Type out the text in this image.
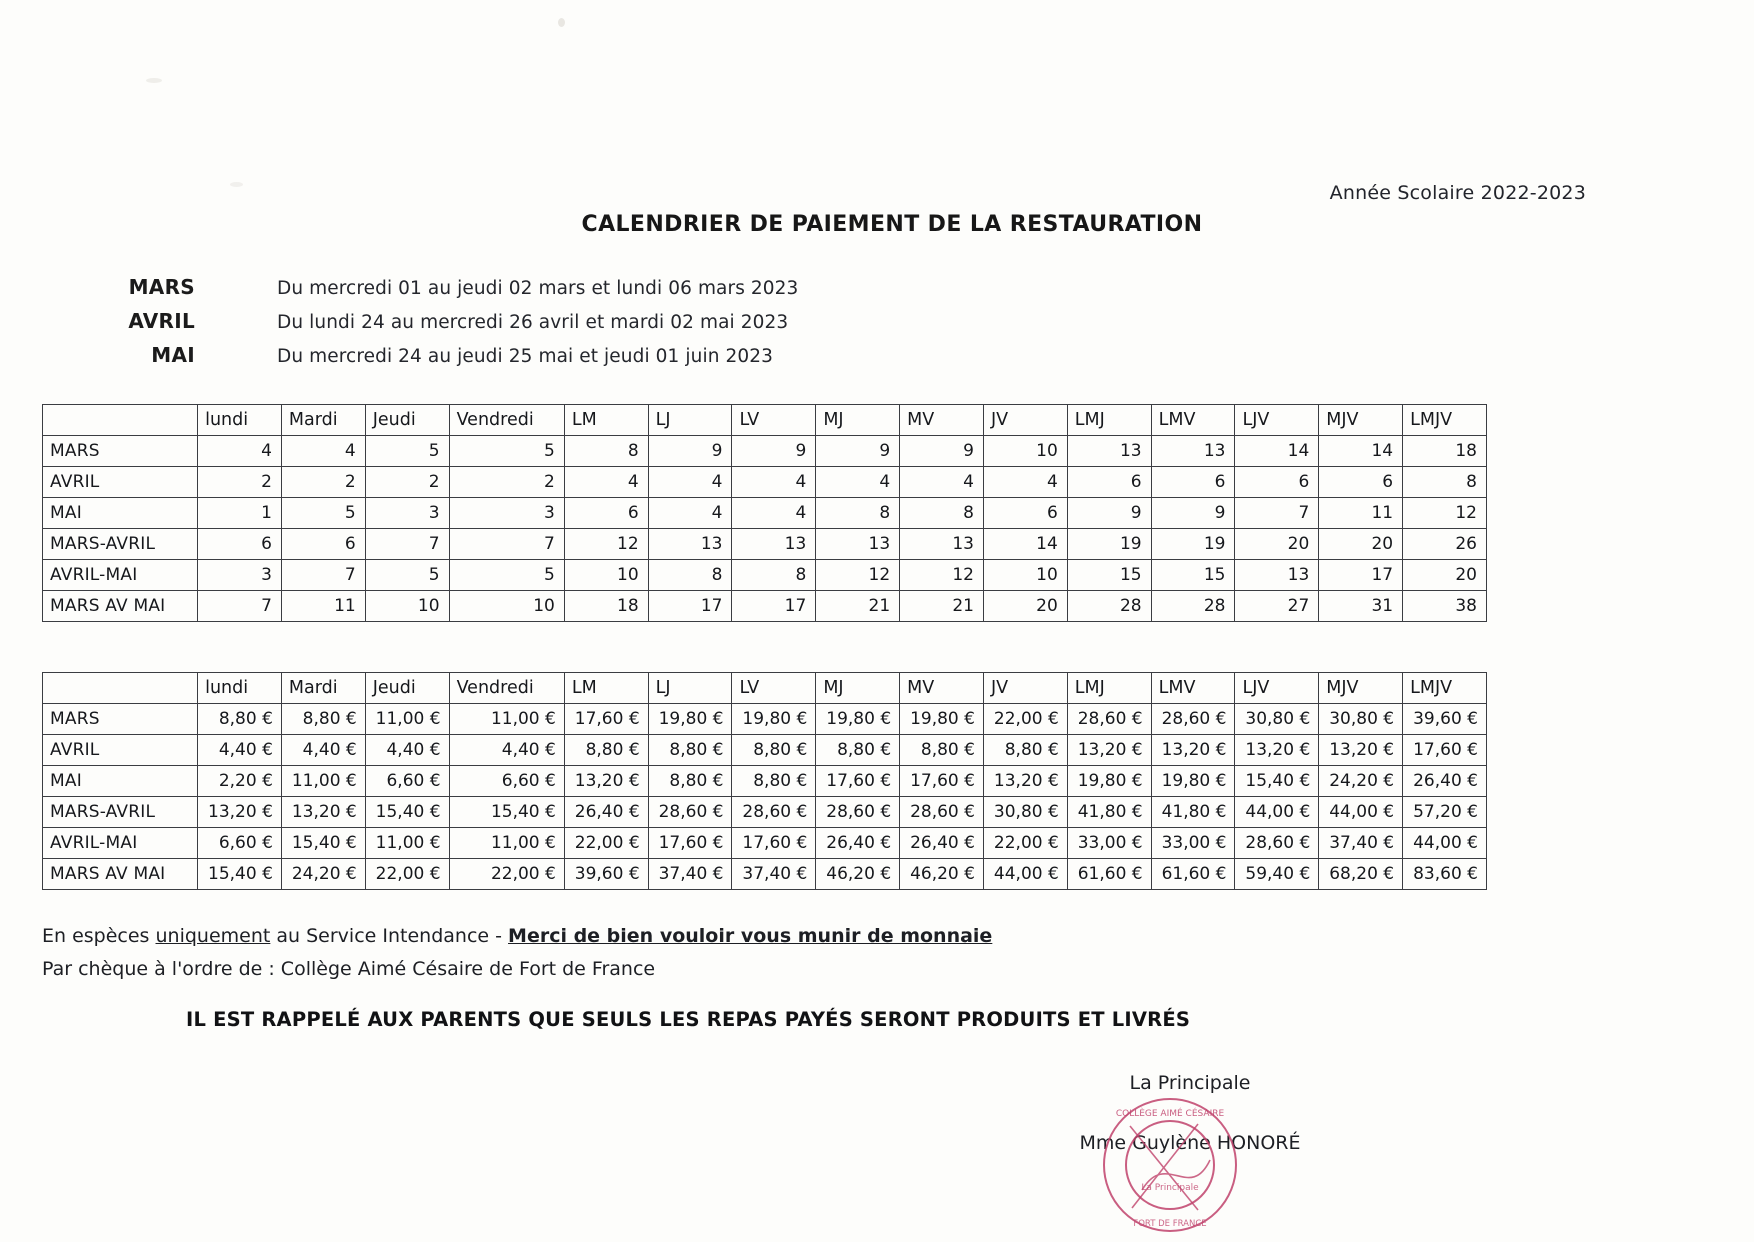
Année Scolaire 2022-2023
CALENDRIER DE PAIEMENT DE LA RESTAURATION
MARS	Du mercredi 01 au jeudi 02 mars et lundi 06 mars 2023
AVRIL	Du lundi 24 au mercredi 26 avril et mardi 02 mai 2023
MAI	Du mercredi 24 au jeudi 25 mai et jeudi 01 juin 2023
	lundi	Mardi	Jeudi	Vendredi	LM	LJ	LV	MJ	MV	JV	LMJ	LMV	LJV	MJV	LMJV
MARS	4	4	5	5	8	9	9	9	9	10	13	13	14	14	18
AVRIL	2	2	2	2	4	4	4	4	4	4	6	6	6	6	8
MAI	1	5	3	3	6	4	4	8	8	6	9	9	7	11	12
MARS-AVRIL	6	6	7	7	12	13	13	13	13	14	19	19	20	20	26
AVRIL-MAI	3	7	5	5	10	8	8	12	12	10	15	15	13	17	20
MARS AV MAI	7	11	10	10	18	17	17	21	21	20	28	28	27	31	38
	lundi	Mardi	Jeudi	Vendredi	LM	LJ	LV	MJ	MV	JV	LMJ	LMV	LJV	MJV	LMJV
MARS	8,80 €	8,80 €	11,00 €	11,00 €	17,60 €	19,80 €	19,80 €	19,80 €	19,80 €	22,00 €	28,60 €	28,60 €	30,80 €	30,80 €	39,60 €
AVRIL	4,40 €	4,40 €	4,40 €	4,40 €	8,80 €	8,80 €	8,80 €	8,80 €	8,80 €	8,80 €	13,20 €	13,20 €	13,20 €	13,20 €	17,60 €
MAI	2,20 €	11,00 €	6,60 €	6,60 €	13,20 €	8,80 €	8,80 €	17,60 €	17,60 €	13,20 €	19,80 €	19,80 €	15,40 €	24,20 €	26,40 €
MARS-AVRIL	13,20 €	13,20 €	15,40 €	15,40 €	26,40 €	28,60 €	28,60 €	28,60 €	28,60 €	30,80 €	41,80 €	41,80 €	44,00 €	44,00 €	57,20 €
AVRIL-MAI	6,60 €	15,40 €	11,00 €	11,00 €	22,00 €	17,60 €	17,60 €	26,40 €	26,40 €	22,00 €	33,00 €	33,00 €	28,60 €	37,40 €	44,00 €
MARS AV MAI	15,40 €	24,20 €	22,00 €	22,00 €	39,60 €	37,40 €	37,40 €	46,20 €	46,20 €	44,00 €	61,60 €	61,60 €	59,40 €	68,20 €	83,60 €
En espèces uniquement au Service Intendance - Merci de bien vouloir vous munir de monnaie
Par chèque à l'ordre de : Collège Aimé Césaire de Fort de France
IL EST RAPPELÉ AUX PARENTS QUE SEULS LES REPAS PAYÉS SERONT PRODUITS ET LIVRÉS
La Principale
Mme Guylène HONORÉ
COLLÈGE AIMÉ CÉSAIRE
La Principale
FORT DE FRANCE
